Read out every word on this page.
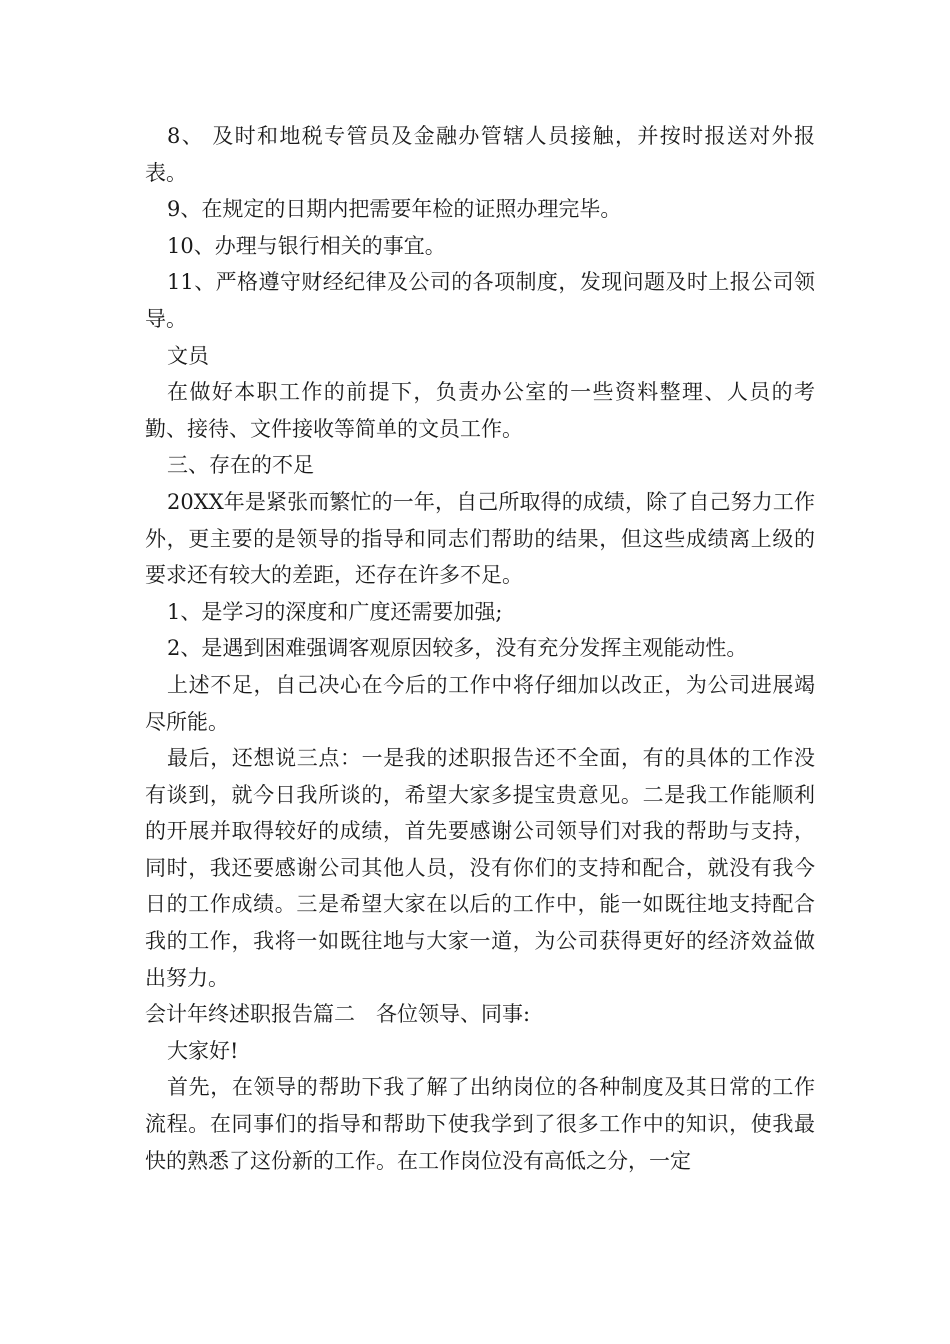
8、 及时和地税专管员及金融办管辖人员接触，并按时报送对外报表。

9、在规定的日期内把需要年检的证照办理完毕。

10、办理与银行相关的事宜。

11、严格遵守财经纪律及公司的各项制度，发现问题及时上报公司领导。

文员

在做好本职工作的前提下，负责办公室的一些资料整理、人员的考勤、接待、文件接收等简单的文员工作。

三、存在的不足

20XX年是紧张而繁忙的一年，自己所取得的成绩，除了自己努力工作外，更主要的是领导的指导和同志们帮助的结果，但这些成绩离上级的要求还有较大的差距，还存在许多不足。

1、是学习的深度和广度还需要加强;

2、是遇到困难强调客观原因较多，没有充分发挥主观能动性。

上述不足，自己决心在今后的工作中将仔细加以改正，为公司进展竭尽所能。

最后，还想说三点：一是我的述职报告还不全面，有的具体的工作没有谈到，就今日我所谈的，希望大家多提宝贵意见。二是我工作能顺利的开展并取得较好的成绩，首先要感谢公司领导们对我的帮助与支持，同时，我还要感谢公司其他人员，没有你们的支持和配合，就没有我今日的工作成绩。三是希望大家在以后的工作中，能一如既往地支持配合我的工作，我将一如既往地与大家一道，为公司获得更好的经济效益做出努力。

会计年终述职报告篇二　各位领导、同事:

大家好!

首先，在领导的帮助下我了解了出纳岗位的各种制度及其日常的工作流程。在同事们的指导和帮助下使我学到了很多工作中的知识，使我最快的熟悉了这份新的工作。在工作岗位没有高低之分，一定
